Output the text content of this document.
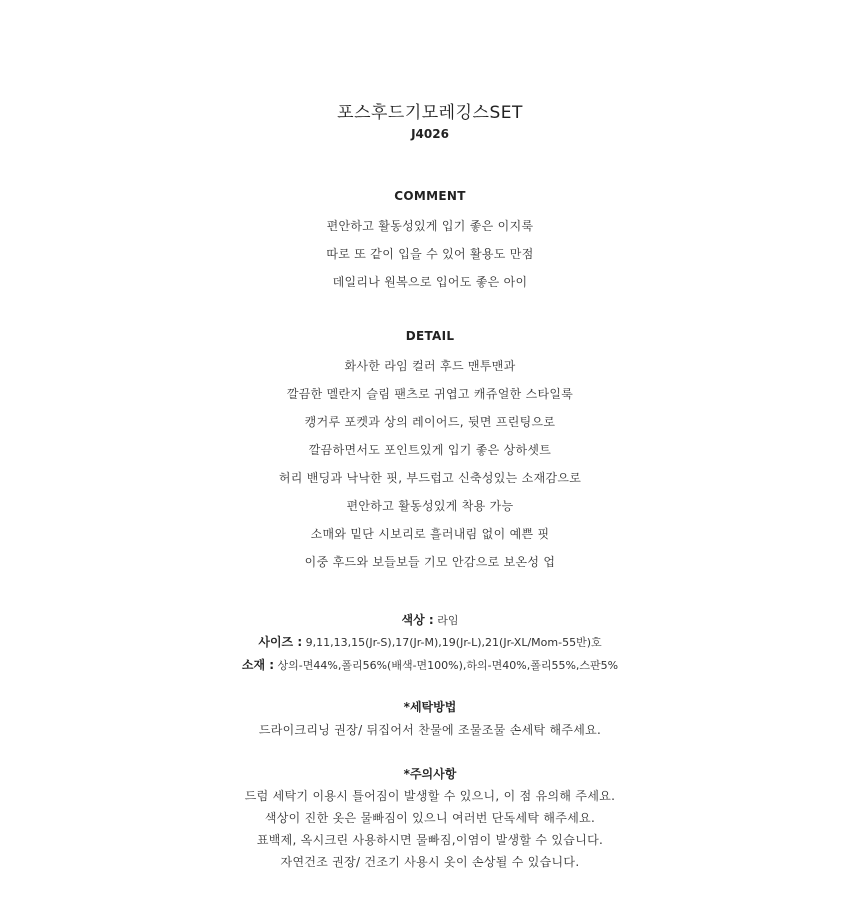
포스후드기모레깅스SET
J4026
COMMENT
편안하고 활동성있게 입기 좋은 이지룩
따로 또 같이 입을 수 있어 활용도 만점
데일리나 원복으로 입어도 좋은 아이
DETAIL
화사한 라임 컬러 후드 맨투맨과
깔끔한 멜란지 슬림 팬츠로 귀엽고 캐쥬얼한 스타일룩
캥거루 포켓과 상의 레이어드, 뒷면 프린팅으로
깔끔하면서도 포인트있게 입기 좋은 상하셋트
허리 밴딩과 낙낙한 핏, 부드럽고 신축성있는 소재감으로
편안하고 활동성있게 착용 가능
소매와 밑단 시보리로 흘러내림 없이 예쁜 핏
이중 후드와 보들보들 기모 안감으로 보온성 업
색상 : 라임
사이즈 : 9,11,13,15(Jr-S),17(Jr-M),19(Jr-L),21(Jr-XL/Mom-55반)호
소재 : 상의-면44%,폴리56%(배색-면100%),하의-면40%,폴리55%,스판5%
*세탁방법
드라이크리닝 권장/ 뒤집어서 찬물에 조물조물 손세탁 해주세요.
*주의사항
드럼 세탁기 이용시 틀어짐이 발생할 수 있으니, 이 점 유의해 주세요.
색상이 진한 옷은 물빠짐이 있으니 여러번 단독세탁 해주세요.
표백제, 옥시크린 사용하시면 물빠짐,이염이 발생할 수 있습니다.
자연건조 권장/ 건조기 사용시 옷이 손상될 수 있습니다.
